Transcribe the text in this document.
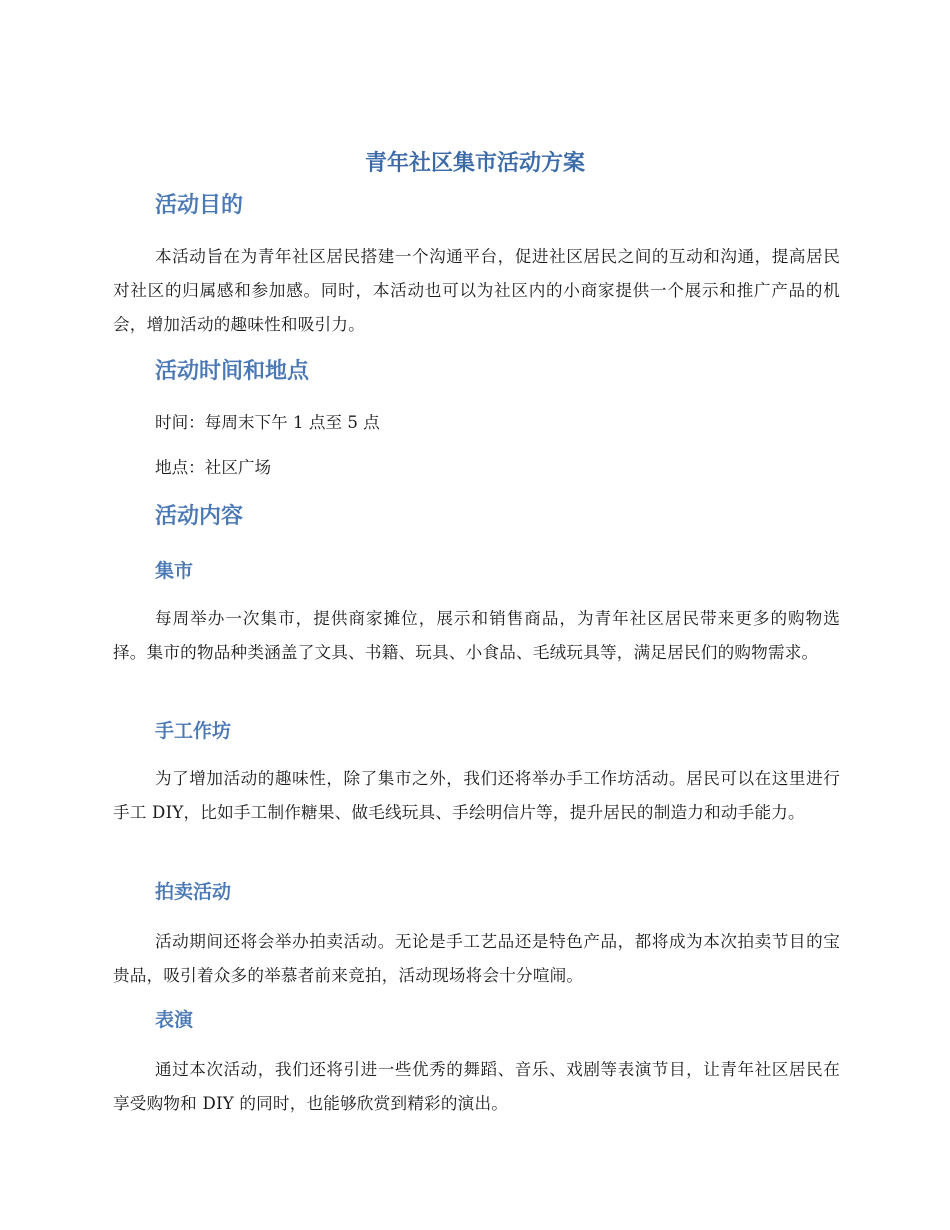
青年社区集市活动方案
活动目的

本活动旨在为青年社区居民搭建一个沟通平台，促进社区居民之间的互动和沟通，提高居民对社区的归属感和参加感。同时，本活动也可以为社区内的小商家提供一个展示和推广产品的机会，增加活动的趣味性和吸引力。

活动时间和地点

时间：每周末下午 1 点至 5 点

地点：社区广场

活动内容
集市

每周举办一次集市，提供商家摊位，展示和销售商品，为青年社区居民带来更多的购物选择。集市的物品种类涵盖了文具、书籍、玩具、小食品、毛绒玩具等，满足居民们的购物需求。

手工作坊

为了增加活动的趣味性，除了集市之外，我们还将举办手工作坊活动。居民可以在这里进行手工 DIY，比如手工制作糖果、做毛线玩具、手绘明信片等，提升居民的制造力和动手能力。

拍卖活动

活动期间还将会举办拍卖活动。无论是手工艺品还是特色产品，都将成为本次拍卖节目的宝贵品，吸引着众多的举慕者前来竞拍，活动现场将会十分喧闹。

表演

通过本次活动，我们还将引进一些优秀的舞蹈、音乐、戏剧等表演节目，让青年社区居民在享受购物和 DIY 的同时，也能够欣赏到精彩的演出。
